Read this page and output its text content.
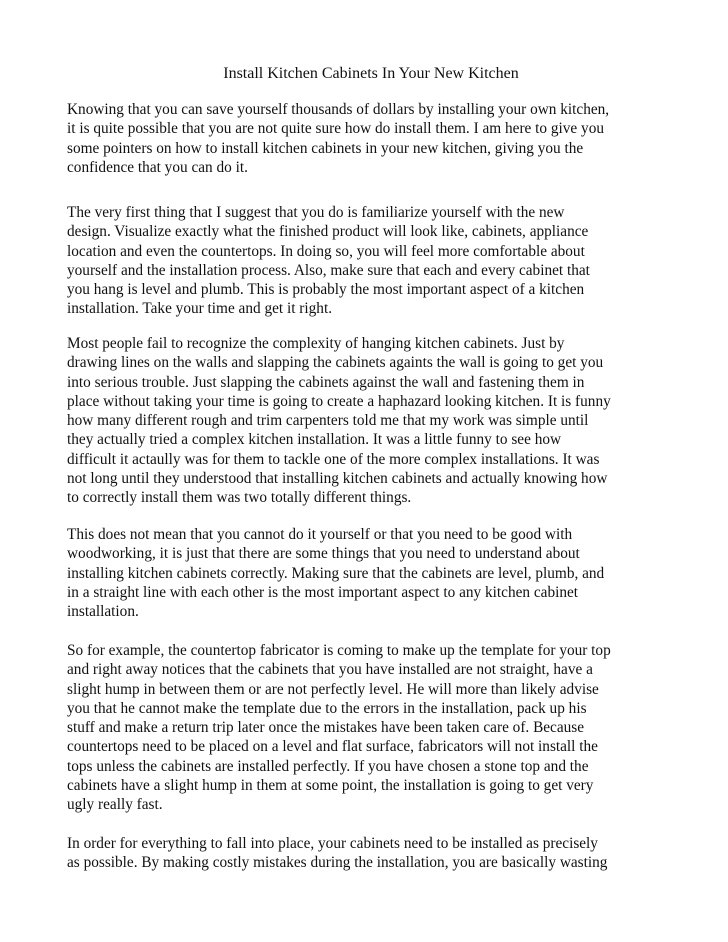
Install Kitchen Cabinets In Your New Kitchen

Knowing that you can save yourself thousands of dollars by installing your own kitchen,
it is quite possible that you are not quite sure how do install them. I am here to give you
some pointers on how to install kitchen cabinets in your new kitchen, giving you the
confidence that you can do it.

The very first thing that I suggest that you do is familiarize yourself with the new
design. Visualize exactly what the finished product will look like, cabinets, appliance
location and even the countertops. In doing so, you will feel more comfortable about
yourself and the installation process. Also, make sure that each and every cabinet that
you hang is level and plumb. This is probably the most important aspect of a kitchen
installation. Take your time and get it right.

Most people fail to recognize the complexity of hanging kitchen cabinets. Just by
drawing lines on the walls and slapping the cabinets againts the wall is going to get you
into serious trouble. Just slapping the cabinets against the wall and fastening them in
place without taking your time is going to create a haphazard looking kitchen. It is funny
how many different rough and trim carpenters told me that my work was simple until
they actually tried a complex kitchen installation. It was a little funny to see how
difficult it actaully was for them to tackle one of the more complex installations. It was
not long until they understood that installing kitchen cabinets and actually knowing how
to correctly install them was two totally different things.

This does not mean that you cannot do it yourself or that you need to be good with
woodworking, it is just that there are some things that you need to understand about
installing kitchen cabinets correctly. Making sure that the cabinets are level, plumb, and
in a straight line with each other is the most important aspect to any kitchen cabinet
installation.

So for example, the countertop fabricator is coming to make up the template for your top
and right away notices that the cabinets that you have installed are not straight, have a
slight hump in between them or are not perfectly level. He will more than likely advise
you that he cannot make the template due to the errors in the installation, pack up his
stuff and make a return trip later once the mistakes have been taken care of. Because
countertops need to be placed on a level and flat surface, fabricators will not install the
tops unless the cabinets are installed perfectly. If you have chosen a stone top and the
cabinets have a slight hump in them at some point, the installation is going to get very
ugly really fast.

In order for everything to fall into place, your cabinets need to be installed as precisely
as possible. By making costly mistakes during the installation, you are basically wasting
